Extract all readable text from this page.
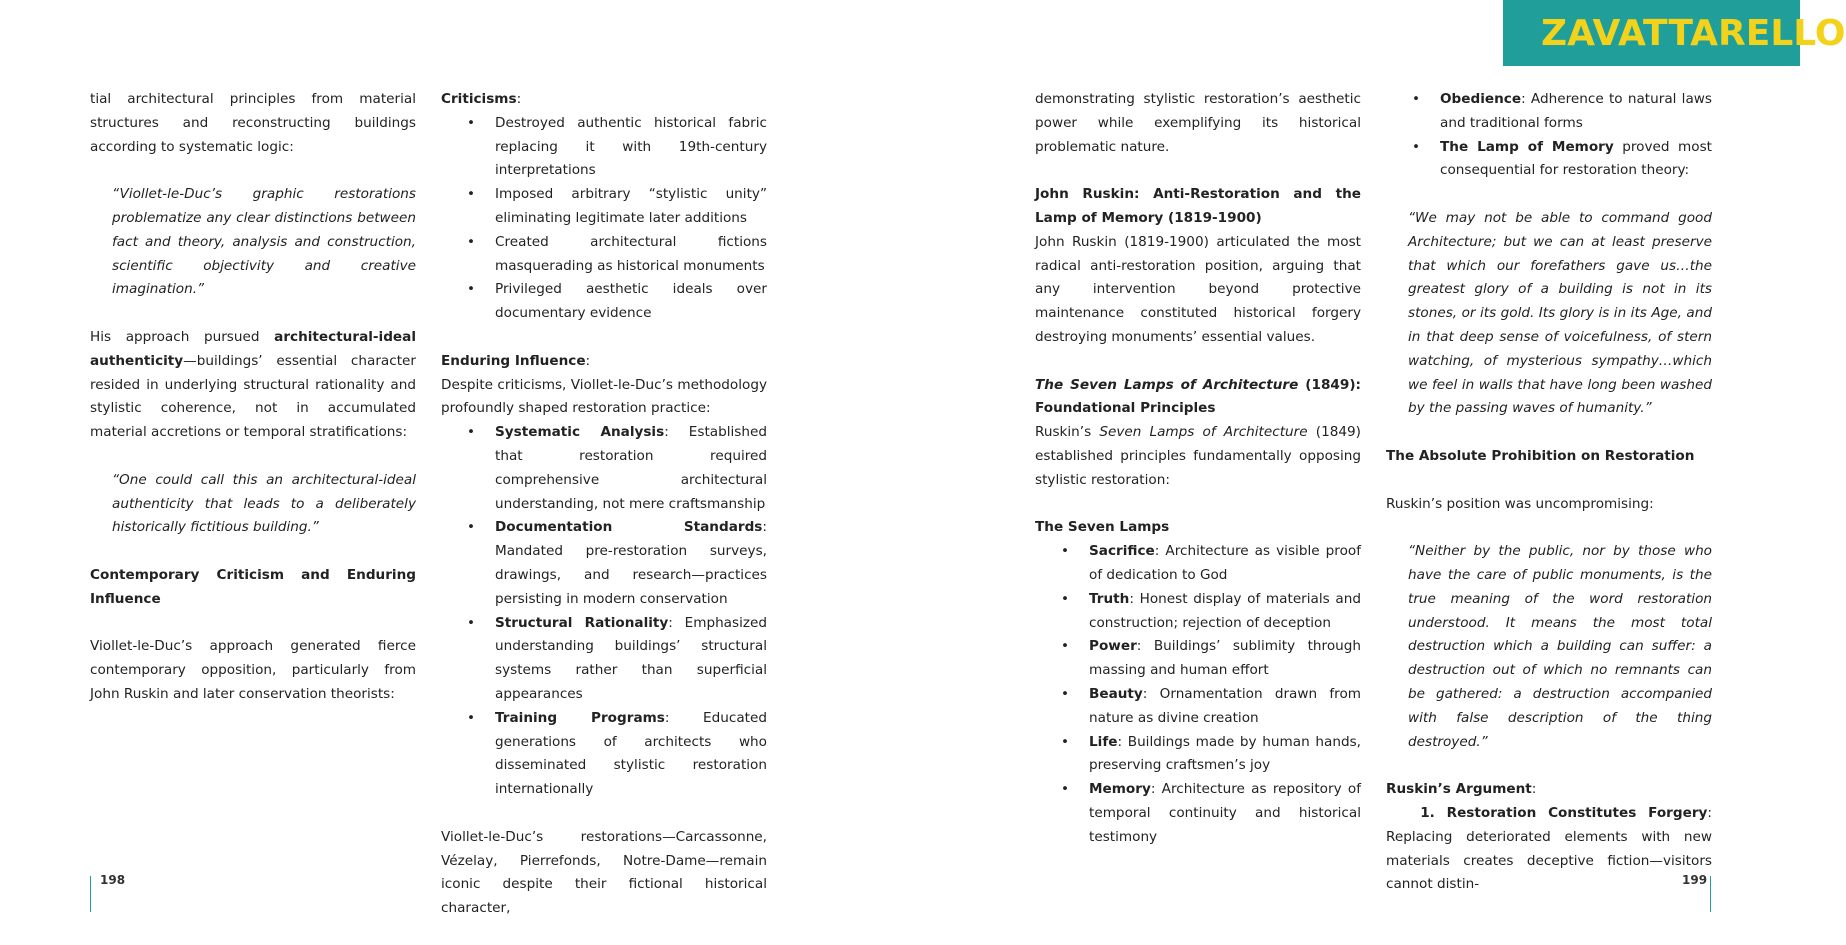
ZAVATTARELLO

tial architectural principles from material structures and reconstructing buildings according to systematic logic:

“Viollet-le-Duc’s graphic restorations problematize any clear distinctions between fact and theory, analysis and construction, scientific objectivity and creative imagination.”

His approach pursued architectural-ideal authenticity—buildings’ essential character resided in underlying structural rationality and stylistic coherence, not in accumulated material accretions or temporal stratifications:

“One could call this an architectural-ideal authenticity that leads to a deliberately historically fictitious building.”

Contemporary Criticism and Enduring Influence

Viollet-le-Duc’s approach generated fierce contemporary opposition, particularly from John Ruskin and later conservation theorists:

Criticisms:

• Destroyed authentic historical fabric replacing it with 19th-century interpretations
• Imposed arbitrary “stylistic unity” eliminating legitimate later additions
• Created architectural fictions masquerading as historical monuments
• Privileged aesthetic ideals over documentary evidence

Enduring Influence:

Despite criticisms, Viollet-le-Duc’s methodology profoundly shaped restoration practice:

• Systematic Analysis: Established that restoration required comprehensive architectural understanding, not mere craftsmanship
• Documentation Standards: Mandated pre-restoration surveys, drawings, and research—practices persisting in modern conservation
• Structural Rationality: Emphasized understanding buildings’ structural systems rather than superficial appearances
• Training Programs: Educated generations of architects who disseminated stylistic restoration internationally

Viollet-le-Duc’s restorations—Carcassonne, Vézelay, Pierrefonds, Notre-Dame—remain iconic despite their fictional historical character,

demonstrating stylistic restoration’s aesthetic power while exemplifying its historical problematic nature.

John Ruskin: Anti-Restoration and the Lamp of Memory (1819-1900)

John Ruskin (1819-1900) articulated the most radical anti-restoration position, arguing that any intervention beyond protective maintenance constituted historical forgery destroying monuments’ essential values.

The Seven Lamps of Architecture (1849): Foundational Principles

Ruskin’s Seven Lamps of Architecture (1849) established principles fundamentally opposing stylistic restoration:

The Seven Lamps

• Sacrifice: Architecture as visible proof of dedication to God
• Truth: Honest display of materials and construction; rejection of deception
• Power: Buildings’ sublimity through massing and human effort
• Beauty: Ornamentation drawn from nature as divine creation
• Life: Buildings made by human hands, preserving craftsmen’s joy
• Memory: Architecture as repository of temporal continuity and historical testimony
• Obedience: Adherence to natural laws and traditional forms
• The Lamp of Memory proved most consequential for restoration theory:

“We may not be able to command good Architecture; but we can at least preserve that which our forefathers gave us…the greatest glory of a building is not in its stones, or its gold. Its glory is in its Age, and in that deep sense of voicefulness, of stern watching, of mysterious sympathy…which we feel in walls that have long been washed by the passing waves of humanity.”

The Absolute Prohibition on Restoration

Ruskin’s position was uncompromising:

“Neither by the public, nor by those who have the care of public monuments, is the true meaning of the word restoration understood. It means the most total destruction which a building can suffer: a destruction out of which no remnants can be gathered: a destruction accompanied with false description of the thing destroyed.”

Ruskin’s Argument:

1. Restoration Constitutes Forgery: Replacing deteriorated elements with new materials creates deceptive fiction—visitors cannot distin-

198	199
